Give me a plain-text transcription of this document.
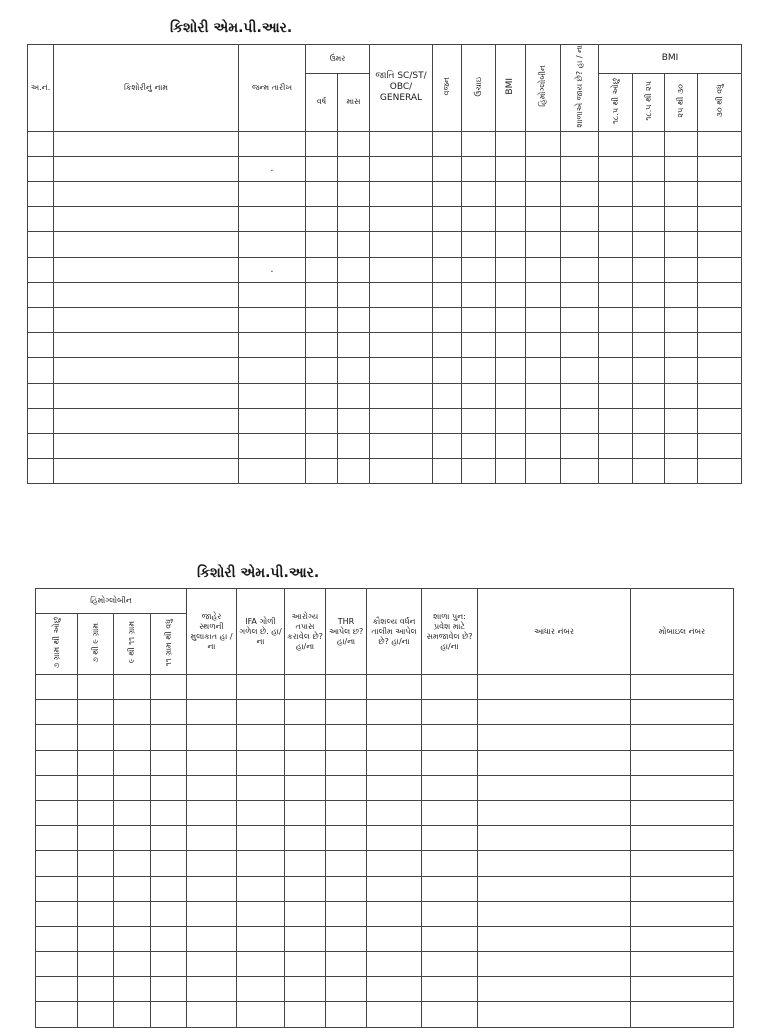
કિશોરી એમ.પી.આર.
અ.નં.	કિશોરીનું નામ	જન્મ તારીખ	ઉંમર		જાતિ SC/ST/ OBC/ GENERAL	વજન	ઉંચાઇ	BMI	હિમોગ્લોબીન	શાળાએ જાય છે? હા / ના	BMI			
			વર્ષ	માસ							૧૮.૫ થી ઓછું	૧૮.૫ થી ૨૫	૨૫ થી ૩૦	૩૦ થી વધુ

		.												

		.												

કિશોરી એમ.પી.આર.
હિમોગ્લોબીન				જાહેર સ્થળની મુલાકાત હા / ના	IFA ગોળી ગળેલ છે. હા/ના	આરોગ્ય તપાસ કરાવેલ છે? હા/ના	THR આપેલ છ? હા/ના	કૌશલ્ય વર્ધન તાલીમ આપેલ છે? હા/ના	શાળા પુન: પ્રવેશ માટે સમજાવેલ છે? હા/ના	આધાર નંબર	મોબાઇલ નંબર
૭ ગ્રામ થી ઓછું	૭ થી ૯ ગ્રામ	૯ થી ૧૧ ગ્રામ	૧૧ ગ્રામ થી વધુ								
